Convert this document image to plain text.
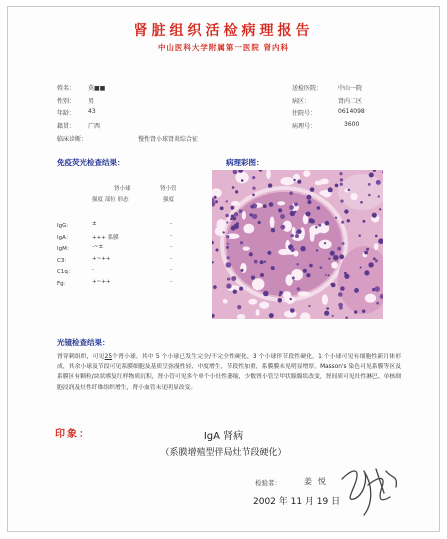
肾脏组织活检病理报告
中山医科大学附属第一医院 肾内科
姓名： 莫■■
性别： 男
年龄： 43
籍贯： 广西
临床诊断：	慢性肾小球肾炎综合征
送检医院：	中山一院
病区：	肾内二区
住院号：	0614098
病理号：	3600
免疫荧光检查结果：	病理彩图：
肾小球	肾小管
强度 部位 形态	强度
IgG：	±	-
IgA：	+++ 系膜	-
IgM：	-~±	-
C3：	+~++	-
C1q：	-	-
Fg：	+~++	-
光镜检查结果：
肾穿刺组织，可见25个肾小球，其中 5 个小球已发生完全/不完全性硬化，3 个小球伴节段性硬化，1 个小球可见有细胞性新月体形成，其余小球及节段可见系膜细胞及基质呈弥漫性轻、中度增生，节段性加重，系膜膜未见明显增厚，Masson's 染色可见系膜等区及系膜区有颗粒/块状嗜复红样物质沉积，肾小管可见多个单个小灶性萎缩，少数肾小管呈甲状腺腺状改变，肾间质可见灶性淋巴、单核细胞浸润及灶性纤维组织增生，肾小血管未见明显改变。
印象：	IgA 肾病
（系膜增殖型伴局灶节段硬化）
检验者：	姜悦
2002 年 11 月 19 日
